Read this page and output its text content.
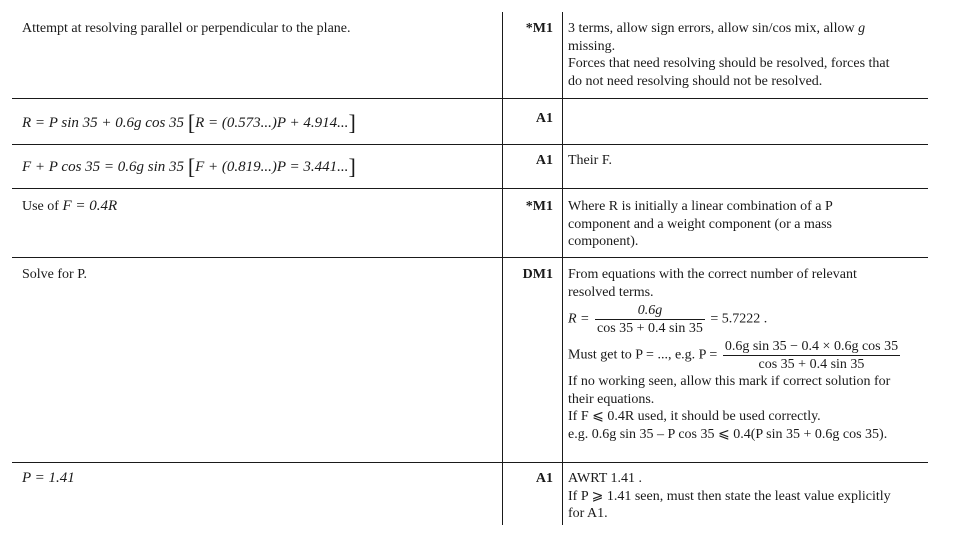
Attempt at resolving parallel or perpendicular to the plane.	*M1 3 terms, allow sign errors, allow sin/cos mix, allow g
missing.
Forces that need resolving should be resolved, forces that
do not need resolving should not be resolved.
R = P sin 35 + 0.6g cos 35 [R = (0.573...)P + 4.914...]	A1
F + P cos 35 = 0.6g sin 35 [F + (0.819...)P = 3.441...]	A1 Their F.
Use of F = 0.4R	*M1 Where R is initially a linear combination of a P
component and a weight component (or a mass
component).
Solve for P.	DM1 From equations with the correct number of relevant
resolved terms.
$R = \frac{0.6g}{\cos 35 + 0.4 \sin 35} = 5.7222$ .
Must get to P = ..., e.g. $P = \frac{\text{0.6g sin 35 − 0.4 × 0.6g cos 35}}{\cos 35 + 0.4 \sin 35}$
If no working seen, allow this mark if correct solution for
their equations.
If F ⩽ 0.4R used, it should be used correctly.
e.g. 0.6g sin 35 – P cos 35 ⩽ 0.4(P sin 35 + 0.6g cos 35).
P = 1.41	A1 AWRT 1.41 .
If P ⩾ 1.41 seen, must then state the least value explicitly
for A1.
